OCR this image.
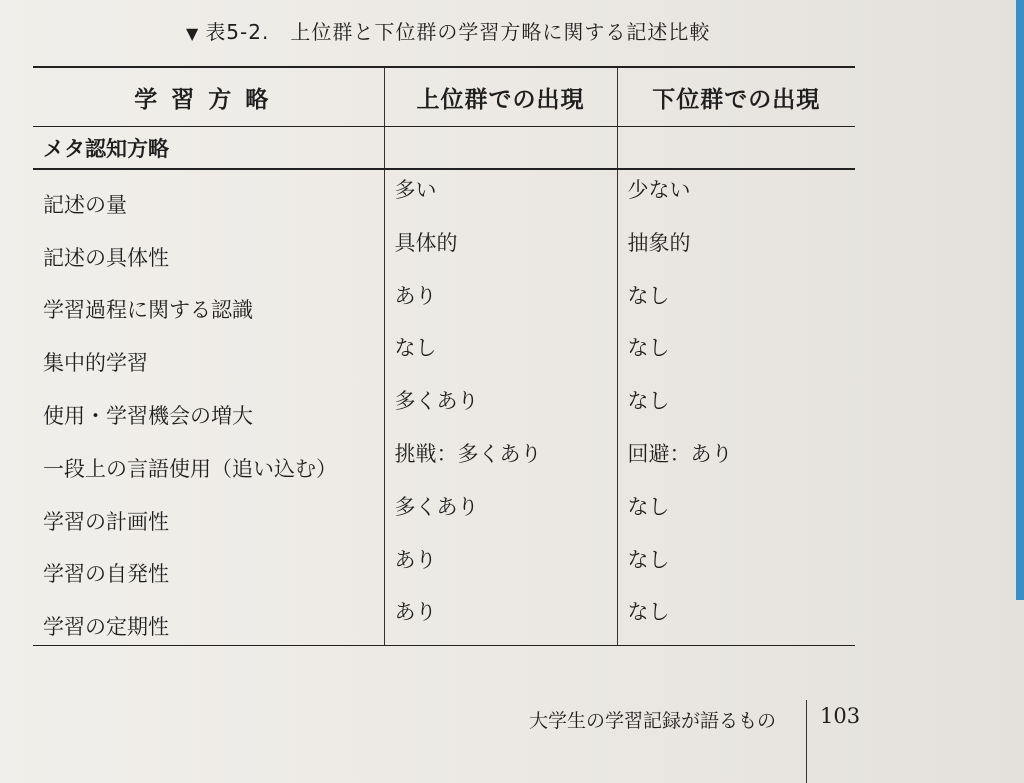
▼ 表5-2.　上位群と下位群の学習方略に関する記述比較
学習方略	上位群での出現	下位群での出現
メタ認知方略		
記述の量	多い	少ない
記述の具体性	具体的	抽象的
学習過程に関する認識	あり	なし
集中的学習	なし	なし
使用・学習機会の増大	多くあり	なし
一段上の言語使用（追い込む）	挑戦：多くあり	回避：あり
学習の計画性	多くあり	なし
学習の自発性	あり	なし
学習の定期性	あり	なし
大学生の学習記録が語るもの 103
